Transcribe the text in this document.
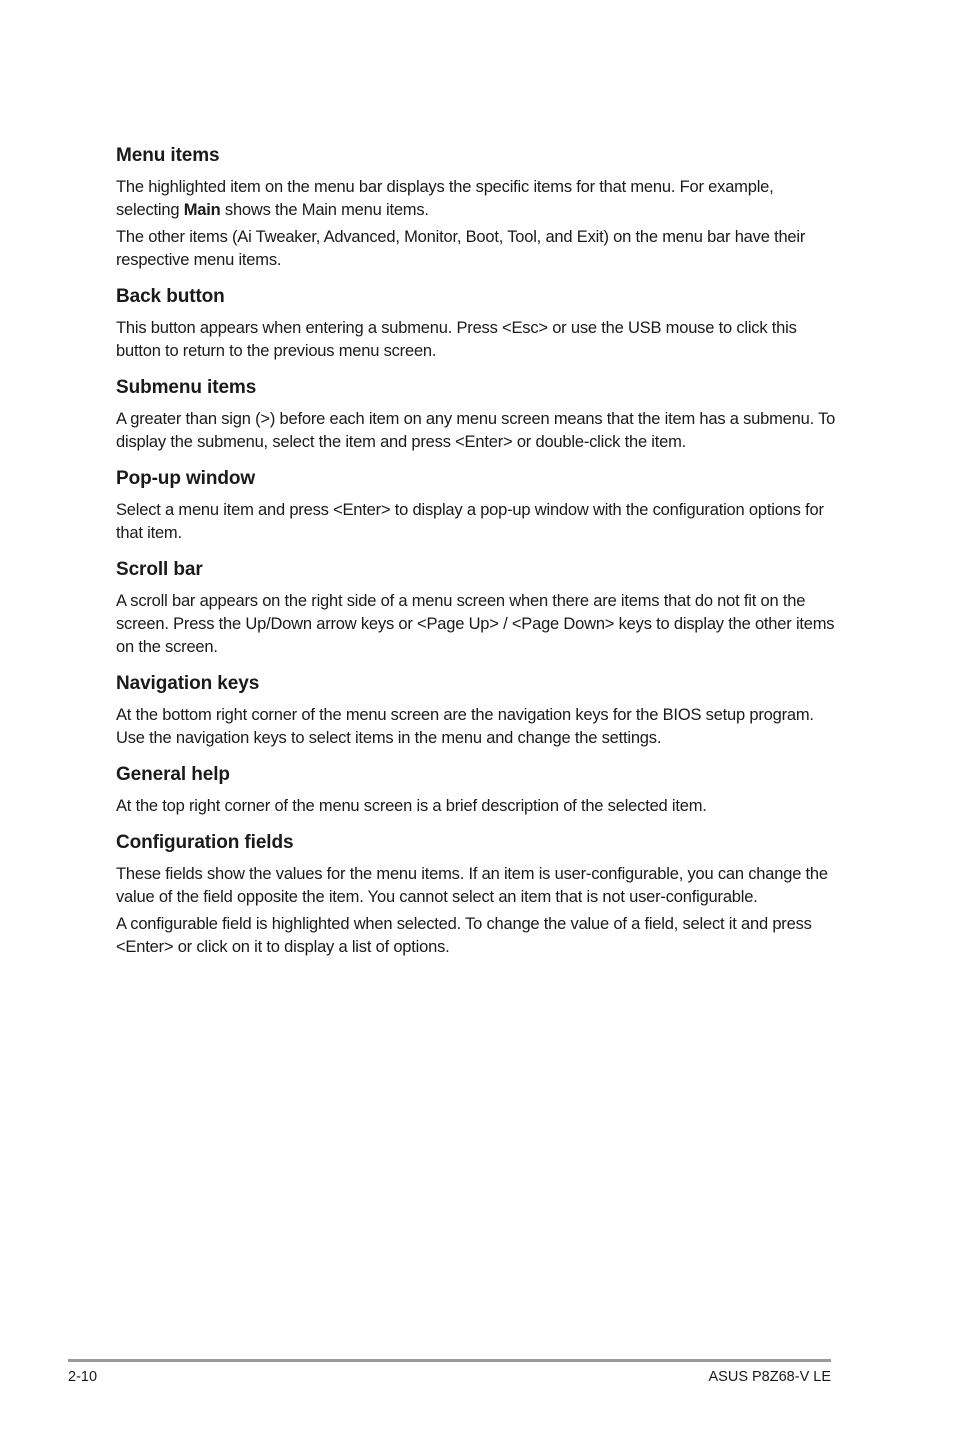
Menu items

The highlighted item on the menu bar displays the specific items for that menu. For example, selecting Main shows the Main menu items.

The other items (Ai Tweaker, Advanced, Monitor, Boot, Tool, and Exit) on the menu bar have their respective menu items.

Back button

This button appears when entering a submenu. Press <Esc> or use the USB mouse to click this button to return to the previous menu screen.

Submenu items

A greater than sign (>) before each item on any menu screen means that the item has a submenu. To display the submenu, select the item and press <Enter> or double-click the item.

Pop-up window

Select a menu item and press <Enter> to display a pop-up window with the configuration options for that item.

Scroll bar

A scroll bar appears on the right side of a menu screen when there are items that do not fit on the screen. Press the Up/Down arrow keys or <Page Up> / <Page Down> keys to display the other items on the screen.

Navigation keys

At the bottom right corner of the menu screen are the navigation keys for the BIOS setup program. Use the navigation keys to select items in the menu and change the settings.

General help

At the top right corner of the menu screen is a brief description of the selected item.

Configuration fields

These fields show the values for the menu items. If an item is user-configurable, you can change the value of the field opposite the item. You cannot select an item that is not user-configurable.

A configurable field is highlighted when selected. To change the value of a field, select it and press <Enter> or click on it to display a list of options.

2-10	ASUS P8Z68-V LE
